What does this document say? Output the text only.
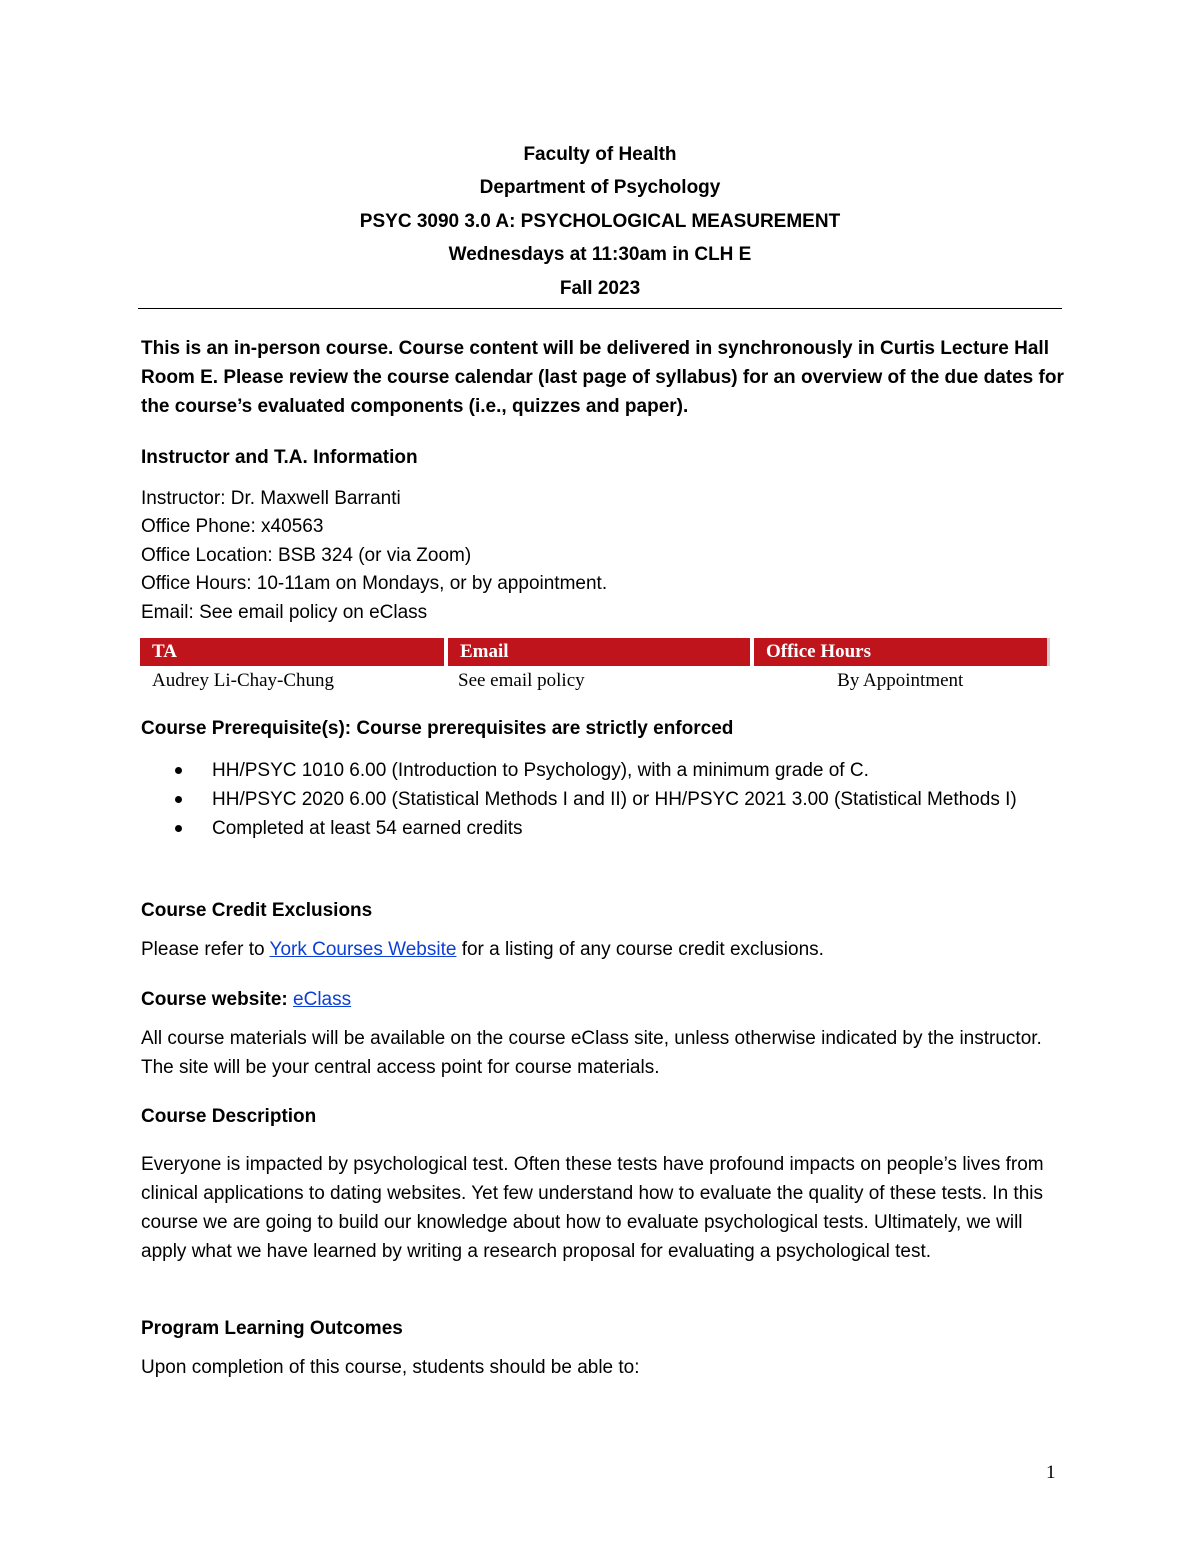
Faculty of Health
Department of Psychology
PSYC 3090 3.0 A: PSYCHOLOGICAL MEASUREMENT
Wednesdays at 11:30am in CLH E
Fall 2023
This is an in-person course. Course content will be delivered in synchronously in Curtis Lecture Hall Room E. Please review the course calendar (last page of syllabus) for an overview of the due dates for the course’s evaluated components (i.e., quizzes and paper).
Instructor and T.A. Information
Instructor: Dr. Maxwell Barranti
Office Phone: x40563
Office Location: BSB 324 (or via Zoom)
Office Hours: 10-11am on Mondays, or by appointment.
Email: See email policy on eClass
TA	Email	Office Hours
Audrey Li-Chay-Chung	See email policy	By Appointment
Course Prerequisite(s): Course prerequisites are strictly enforced
HH/PSYC 1010 6.00 (Introduction to Psychology), with a minimum grade of C.
HH/PSYC 2020 6.00 (Statistical Methods I and II) or HH/PSYC 2021 3.00 (Statistical Methods I)
Completed at least 54 earned credits
Course Credit Exclusions
Please refer to York Courses Website for a listing of any course credit exclusions.
Course website: eClass
All course materials will be available on the course eClass site, unless otherwise indicated by the instructor. The site will be your central access point for course materials.
Course Description
Everyone is impacted by psychological test. Often these tests have profound impacts on people’s lives from clinical applications to dating websites. Yet few understand how to evaluate the quality of these tests. In this course we are going to build our knowledge about how to evaluate psychological tests. Ultimately, we will apply what we have learned by writing a research proposal for evaluating a psychological test.
Program Learning Outcomes
Upon completion of this course, students should be able to:
1
